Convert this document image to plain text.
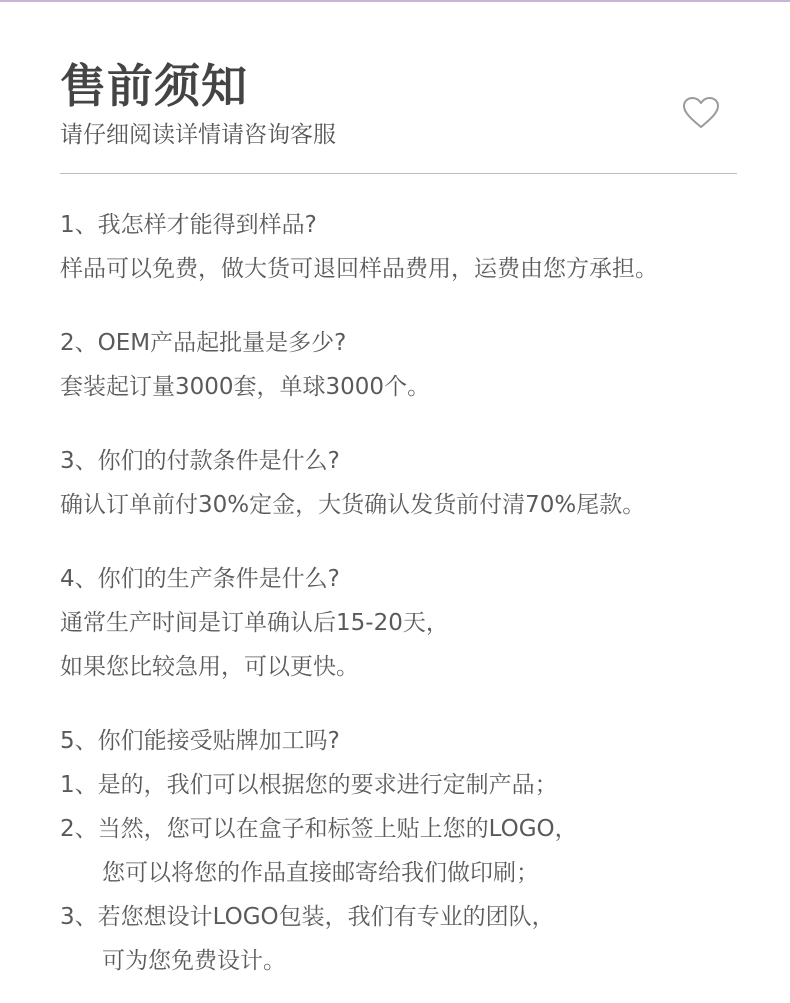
售前须知
请仔细阅读详情请咨询客服
1、我怎样才能得到样品?
样品可以免费，做大货可退回样品费用，运费由您方承担。
2、OEM产品起批量是多少?
套装起订量3000套，单球3000个。
3、你们的付款条件是什么?
确认订单前付30%定金，大货确认发货前付清70%尾款。
4、你们的生产条件是什么?
通常生产时间是订单确认后15-20天，
如果您比较急用，可以更快。
5、你们能接受贴牌加工吗?
1、是的，我们可以根据您的要求进行定制产品；
2、当然，您可以在盒子和标签上贴上您的LOGO，
您可以将您的作品直接邮寄给我们做印刷；
3、若您想设计LOGO包装，我们有专业的团队，
可为您免费设计。
